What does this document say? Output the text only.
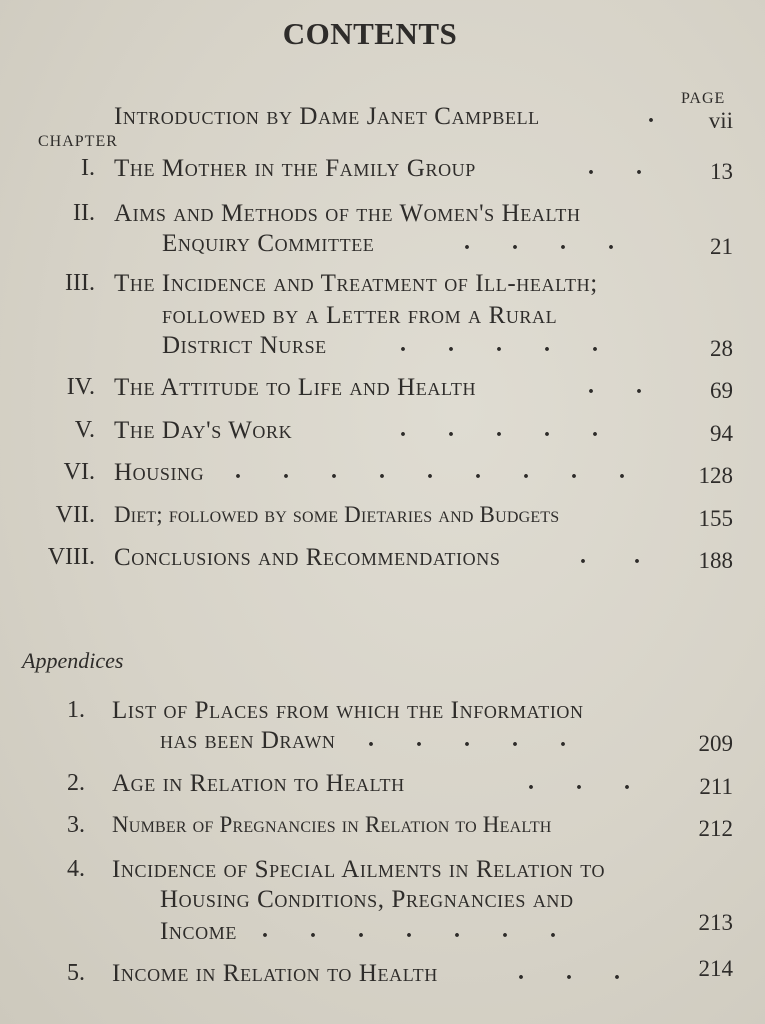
CONTENTS
PAGE
Introduction by Dame Janet Campbell	. vii
CHAPTER
I. The Mother in the Family Group	.       .	13
II. Aims and Methods of the Women's Health
Enquiry Committee	.       .       .       .	21
III. The Incidence and Treatment of Ill-health;
followed by a Letter from a Rural
District Nurse	.       .       .       .       .	28
IV. The Attitude to Life and Health	.       .	69
V. The Day's Work	.       .       .       .       .	94
VI. Housing .       .       .       .       .       .       .       .       .	128
VII. Diet; followed by some Dietaries and Budgets	155
VIII. Conclusions and Recommendations	.        .	188
Appendices
1. List of Places from which the Information
has been Drawn .       .       .       .       .	209
2. Age in Relation to Health	.       .       .	211
3. Number of Pregnancies in Relation to Health	212
4. Incidence of Special Ailments in Relation to
Housing Conditions, Pregnancies and
Income .       .       .       .       .       .       .	213
5. Income in Relation to Health	.       .       .	214
